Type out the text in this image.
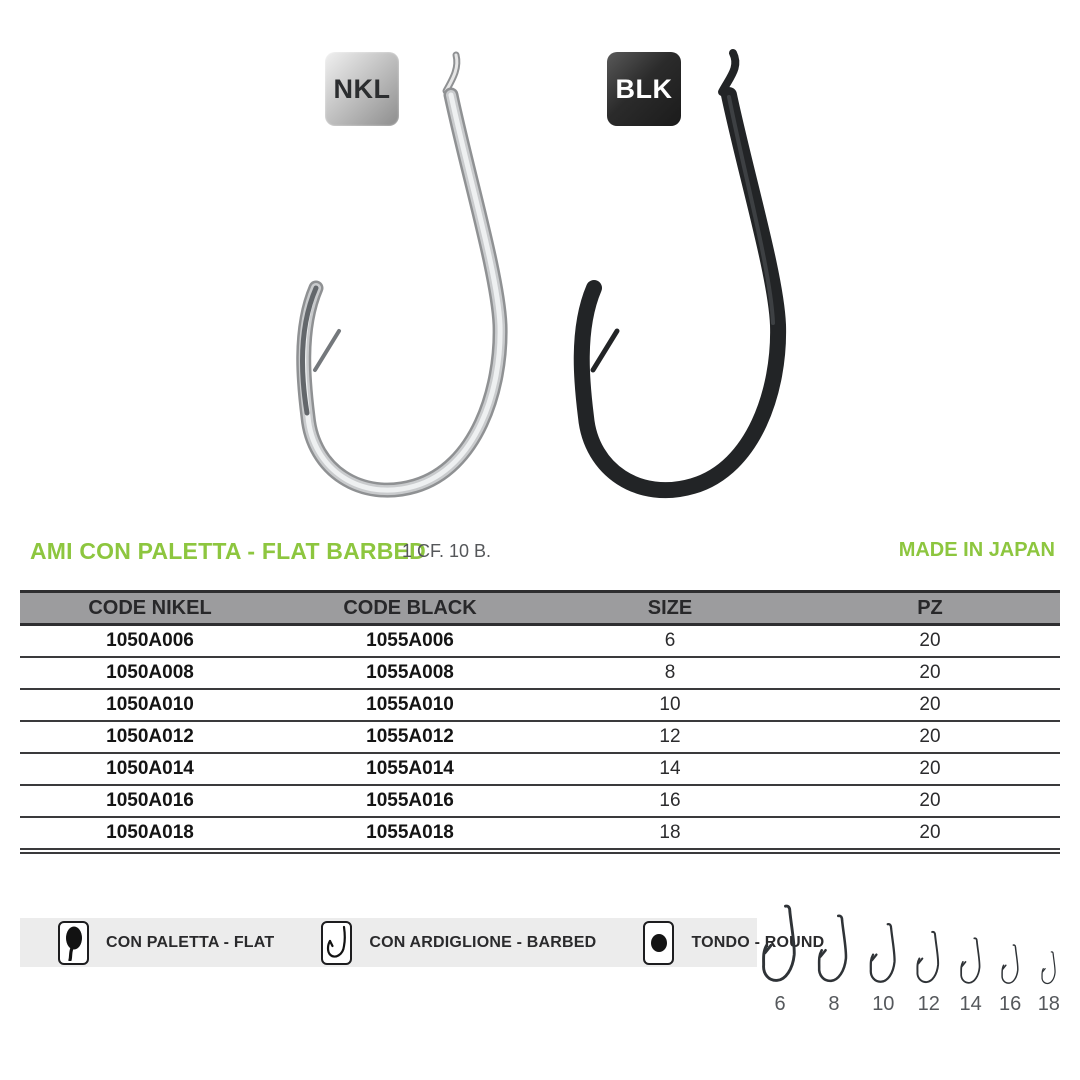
NKL	BLK
AMI CON PALETTA - FLAT BARBED
1 CF. 10 B.	MADE IN JAPAN
CODE NIKEL	CODE BLACK	SIZE	PZ
1050A006	1055A006	6	20
1050A008	1055A008	8	20
1050A010	1055A010	10	20
1050A012	1055A012	12	20
1050A014	1055A014	14	20
1050A016	1055A016	16	20
1050A018	1055A018	18	20
CON PALETTA - FLAT	CON ARDIGLIONE - BARBED	TONDO - ROUND
6 8 10 12 14 16 18
